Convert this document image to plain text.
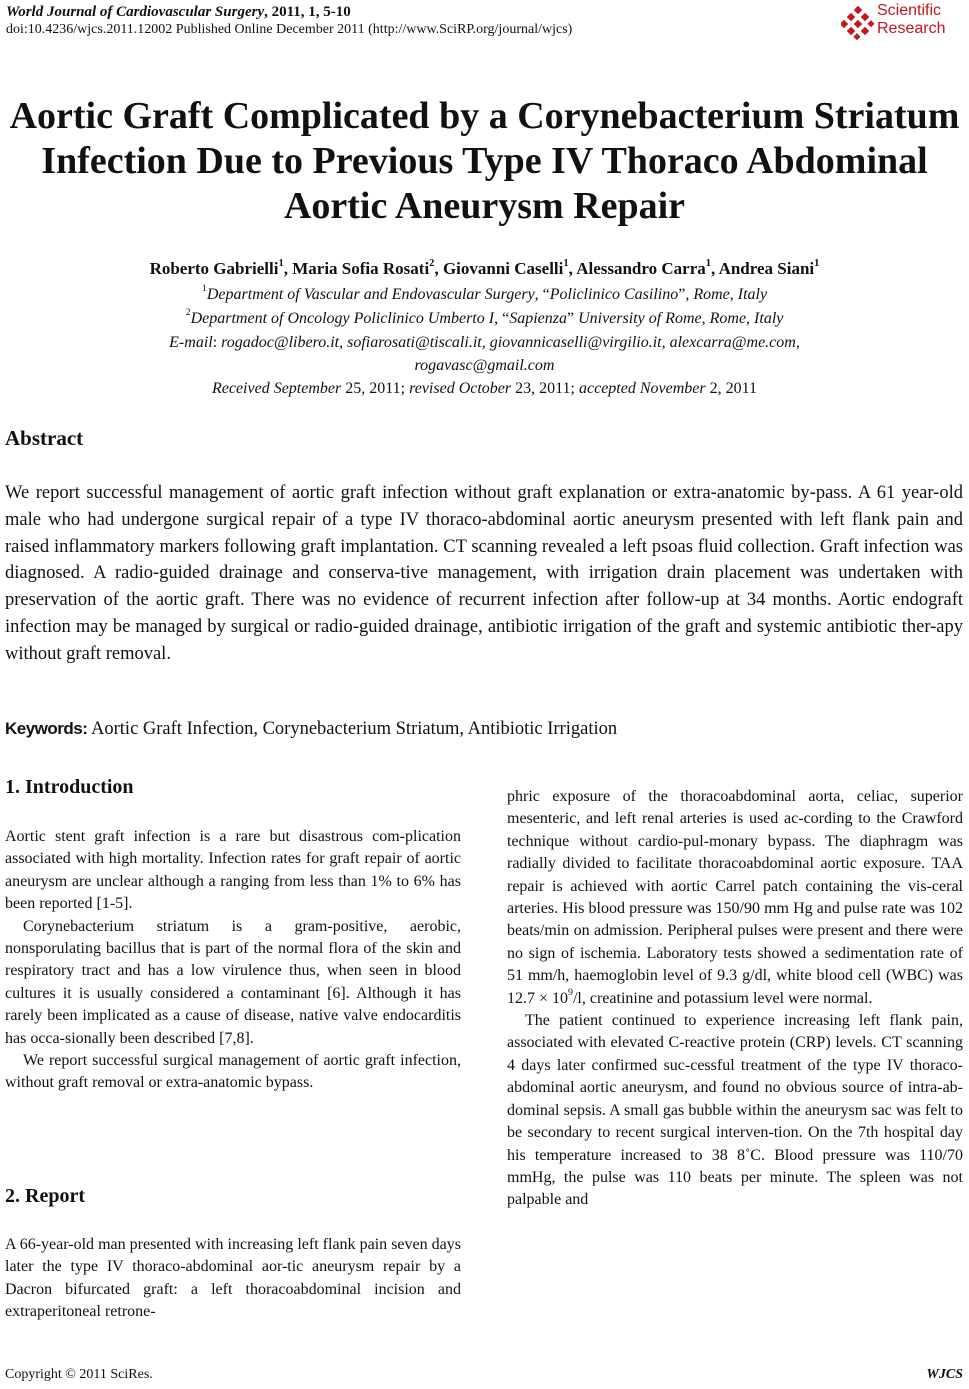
World Journal of Cardiovascular Surgery, 2011, 1, 5-10
doi:10.4236/wjcs.2011.12002 Published Online December 2011 (http://www.SciRP.org/journal/wjcs)
Scientific
Research
Aortic Graft Complicated by a Corynebacterium Striatum
Infection Due to Previous Type IV Thoraco Abdominal
Aortic Aneurysm Repair
Roberto Gabrielli$^1$, Maria Sofia Rosati$^2$, Giovanni Caselli$^1$, Alessandro Carra$^1$, Andrea Siani$^1$
$^1$Department of Vascular and Endovascular Surgery, “Policlinico Casilino”, Rome, Italy
$^2$Department of Oncology Policlinico Umberto I, “Sapienza” University of Rome, Rome, Italy
E-mail: rogadoc@libero.it, sofiarosati@tiscali.it, giovannicaselli@virgilio.it, alexcarra@me.com,
rogavasc@gmail.com
Received September 25, 2011; revised October 23, 2011; accepted November 2, 2011
Abstract

We report successful management of aortic graft infection without graft explanation or extra-anatomic by-pass. A 61 year-old male who had undergone surgical repair of a type IV thoraco-abdominal aortic aneurysm presented with left flank pain and raised inflammatory markers following graft implantation. CT scanning revealed a left psoas fluid collection. Graft infection was diagnosed. A radio-guided drainage and conserva-tive management, with irrigation drain placement was undertaken with preservation of the aortic graft. There was no evidence of recurrent infection after follow-up at 34 months. Aortic endograft infection may be managed by surgical or radio-guided drainage, antibiotic irrigation of the graft and systemic antibiotic ther-apy without graft removal.

Keywords: Aortic Graft Infection, Corynebacterium Striatum, Antibiotic Irrigation
1. Introduction

Aortic stent graft infection is a rare but disastrous com-plication associated with high mortality. Infection rates for graft repair of aortic aneurysm are unclear although a ranging from less than 1% to 6% has been reported [1-5].

Corynebacterium striatum is a gram-positive, aerobic, nonsporulating bacillus that is part of the normal flora of the skin and respiratory tract and has a low virulence thus, when seen in blood cultures it is usually considered a contaminant [6]. Although it has rarely been implicated as a cause of disease, native valve endocarditis has occa-sionally been described [7,8].

We report successful surgical management of aortic graft infection, without graft removal or extra-anatomic bypass.

2. Report

A 66-year-old man presented with increasing left flank pain seven days later the type IV thoraco-abdominal aor-tic aneurysm repair by a Dacron bifurcated graft: a left thoracoabdominal incision and extraperitoneal retrone-

phric exposure of the thoracoabdominal aorta, celiac, superior mesenteric, and left renal arteries is used ac-cording to the Crawford technique without cardio-pul-monary bypass. The diaphragm was radially divided to facilitate thoracoabdominal aortic exposure. TAA repair is achieved with aortic Carrel patch containing the vis-ceral arteries. His blood pressure was 150/90 mm Hg and pulse rate was 102 beats/min on admission. Peripheral pulses were present and there were no sign of ischemia. Laboratory tests showed a sedimentation rate of 51 mm/h, haemoglobin level of 9.3 g/dl, white blood cell (WBC) was $12.7 \times 10^9/l$, creatinine and potassium level were normal.

The patient continued to experience increasing left flank pain, associated with elevated C-reactive protein (CRP) levels. CT scanning 4 days later confirmed suc-cessful treatment of the type IV thoraco-abdominal aortic aneurysm, and found no obvious source of intra-ab-dominal sepsis. A small gas bubble within the aneurysm sac was felt to be secondary to recent surgical interven-tion. On the 7th hospital day his temperature increased to 38 8˚C. Blood pressure was 110/70 mmHg, the pulse was 110 beats per minute. The spleen was not palpable and

Copyright © 2011 SciRes.	WJCS
